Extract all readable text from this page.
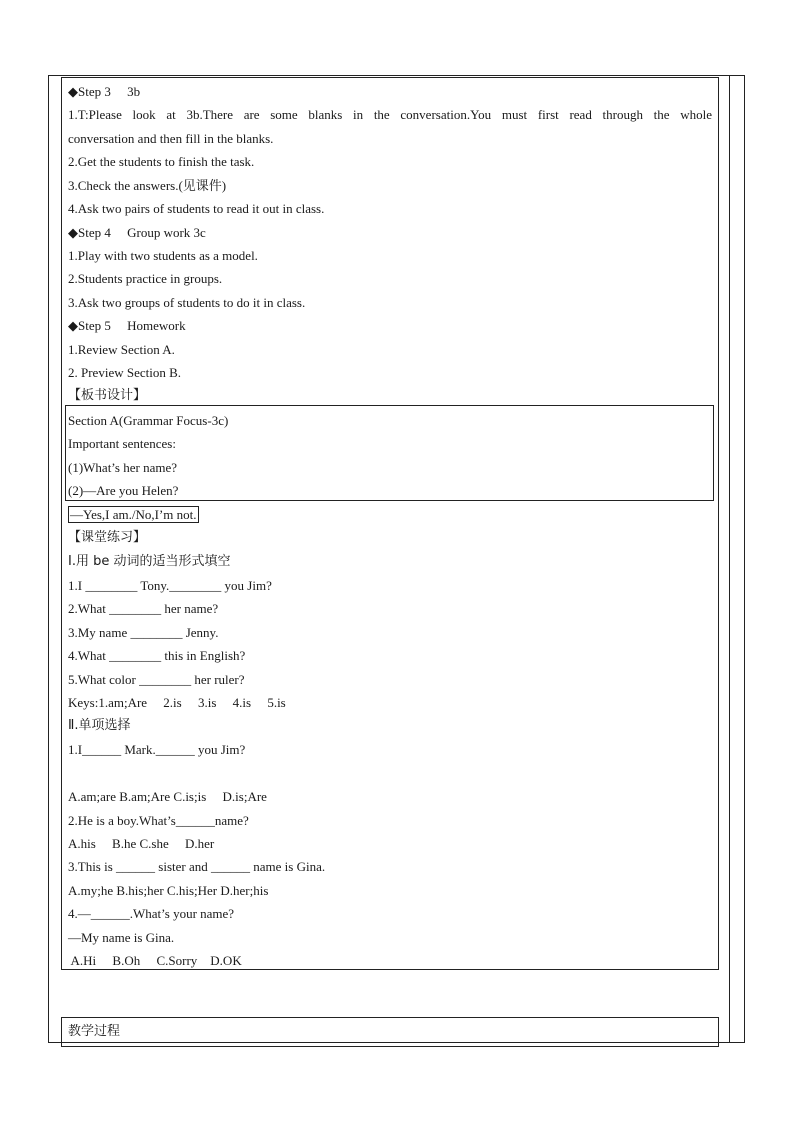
◆Step 3　 3b
1.T:Please look at 3b.There are some blanks in the conversation.You must first read through the whole
conversation and then fill in the blanks.
2.Get the students to finish the task.
3.Check the answers.(见课件)
4.Ask two pairs of students to read it out in class.
◆Step 4　 Group work 3c
1.Play with two students as a model.
2.Students practice in groups.
3.Ask two groups of students to do it in class.
◆Step 5　 Homework
1.Review Section A.
2. Preview Section B.
【板书设计】
Section A(Grammar Focus-3c)
Important sentences:
(1)What’s her name?
(2)—Are you Helen?
—Yes,I am./No,I’m not.
【课堂练习】
Ⅰ.用 be 动词的适当形式填空
1.I ________ Tony.________ you Jim?
2.What ________ her name?
3.My name ________ Jenny.
4.What ________ this in English?
5.What color ________ her ruler?
Keys:1.am;Are　 2.is　 3.is　 4.is　 5.is
Ⅱ.单项选择
1.I______ Mark.______ you Jim?
A.am;are B.am;Are C.is;is　 D.is;Are
2.He is a boy.What’s______name?
A.his　 B.he C.she　 D.her
3.This is ______ sister and ______ name is Gina.
A.my;he B.his;her C.his;Her D.her;his
4.—______.What’s your name?
—My name is Gina.
A.Hi　 B.Oh　 C.Sorry　D.OK
教学过程
